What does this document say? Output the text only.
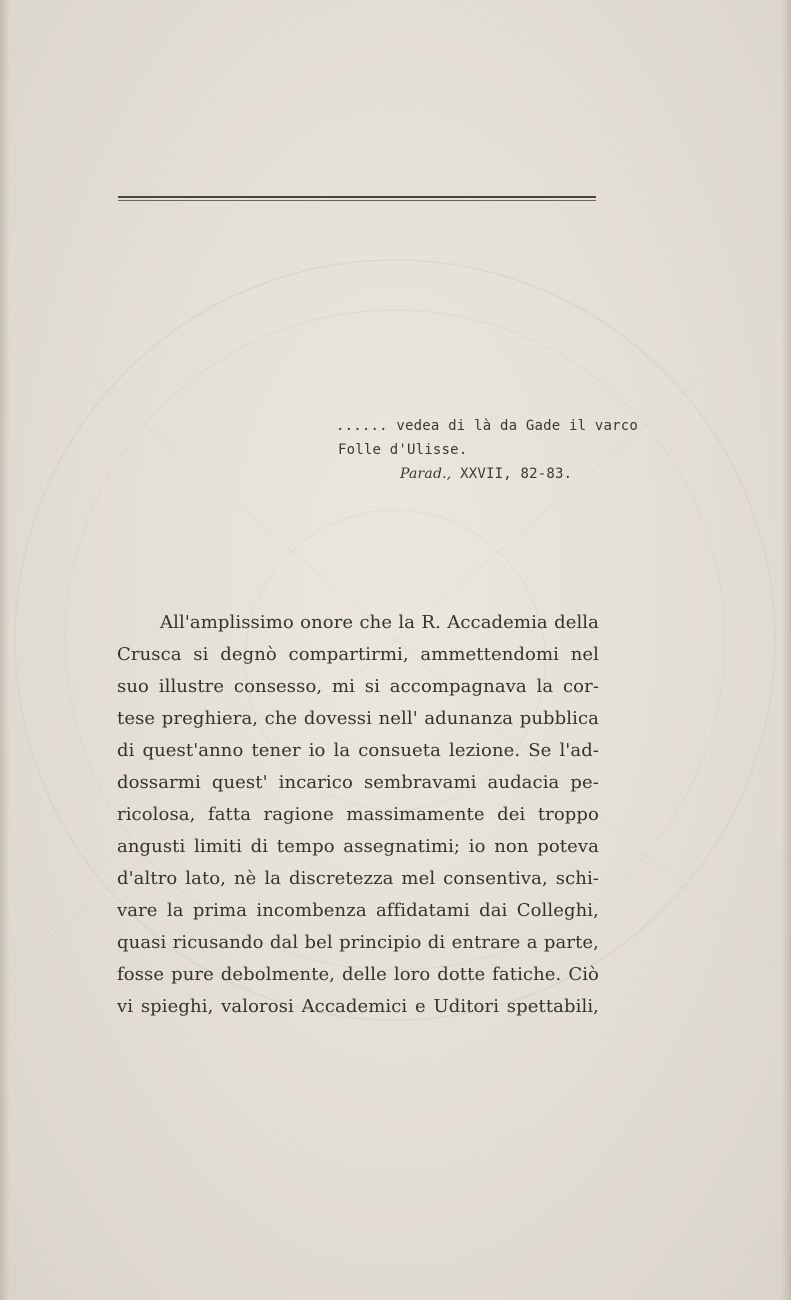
...... vedea di là da Gade il varco
Folle d'Ulisse.
Parad., XXVII, 82-83.
All'amplissimo onore che la R. Accademia della
Crusca si degnò compartirmi, ammettendomi nel
suo illustre consesso, mi si accompagnava la cor-
tese preghiera, che dovessi nell' adunanza pubblica
di quest'anno tener io la consueta lezione. Se l'ad-
dossarmi quest' incarico sembravami audacia pe-
ricolosa, fatta ragione massimamente dei troppo
angusti limiti di tempo assegnatimi; io non poteva
d'altro lato, nè la discretezza mel consentiva, schi-
vare la prima incombenza affidatami dai Colleghi,
quasi ricusando dal bel principio di entrare a parte,
fosse pure debolmente, delle loro dotte fatiche. Ciò
vi spieghi, valorosi Accademici e Uditori spettabili,
